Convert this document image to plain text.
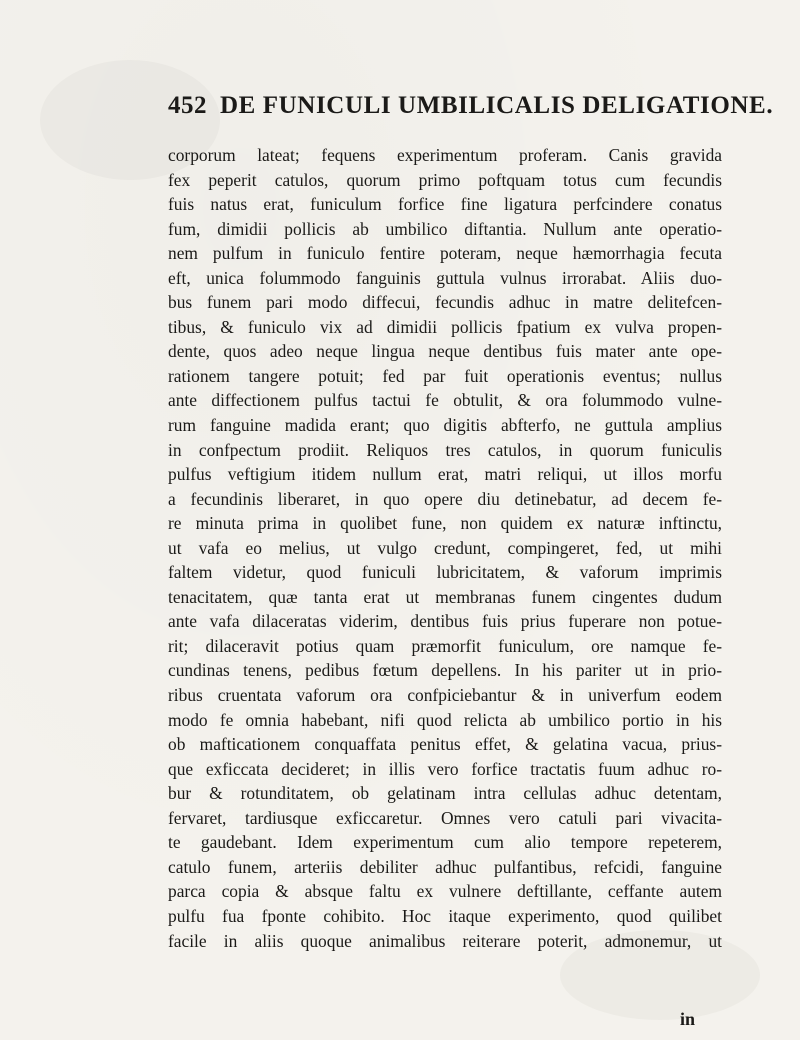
452 DE FUNICULI UMBILICALIS DELIGATIONE.
corporum lateat; fequens experimentum proferam. Canis gravida
fex peperit catulos, quorum primo poftquam totus cum fecundis
fuis natus erat, funiculum forfice fine ligatura perfcindere conatus
fum, dimidii pollicis ab umbilico diftantia. Nullum ante operatio-
nem pulfum in funiculo fentire poteram, neque hæmorrhagia fecuta
eft, unica folummodo fanguinis guttula vulnus irrorabat. Aliis duo-
bus funem pari modo diffecui, fecundis adhuc in matre delitefcen-
tibus, & funiculo vix ad dimidii pollicis fpatium ex vulva propen-
dente, quos adeo neque lingua neque dentibus fuis mater ante ope-
rationem tangere potuit; fed par fuit operationis eventus; nullus
ante diffectionem pulfus tactui fe obtulit, & ora folummodo vulne-
rum fanguine madida erant; quo digitis abfterfo, ne guttula amplius
in confpectum prodiit. Reliquos tres catulos, in quorum funiculis
pulfus veftigium itidem nullum erat, matri reliqui, ut illos morfu
a fecundinis liberaret, in quo opere diu detinebatur, ad decem fe-
re minuta prima in quolibet fune, non quidem ex naturæ inftinctu,
ut vafa eo melius, ut vulgo credunt, compingeret, fed, ut mihi
faltem videtur, quod funiculi lubricitatem, & vaforum imprimis
tenacitatem, quæ tanta erat ut membranas funem cingentes dudum
ante vafa dilaceratas viderim, dentibus fuis prius fuperare non potue-
rit; dilaceravit potius quam præmorfit funiculum, ore namque fe-
cundinas tenens, pedibus fœtum depellens. In his pariter ut in prio-
ribus cruentata vaforum ora confpiciebantur & in univerfum eodem
modo fe omnia habebant, nifi quod relicta ab umbilico portio in his
ob mafticationem conquaffata penitus effet, & gelatina vacua, prius-
que exficcata decideret; in illis vero forfice tractatis fuum adhuc ro-
bur & rotunditatem, ob gelatinam intra cellulas adhuc detentam,
fervaret, tardiusque exficcaretur. Omnes vero catuli pari vivacita-
te gaudebant. Idem experimentum cum alio tempore repeterem,
catulo funem, arteriis debiliter adhuc pulfantibus, refcidi, fanguine
parca copia & absque faltu ex vulnere deftillante, ceffante autem
pulfu fua fponte cohibito. Hoc itaque experimento, quod quilibet
facile in aliis quoque animalibus reiterare poterit, admonemur, ut
in
